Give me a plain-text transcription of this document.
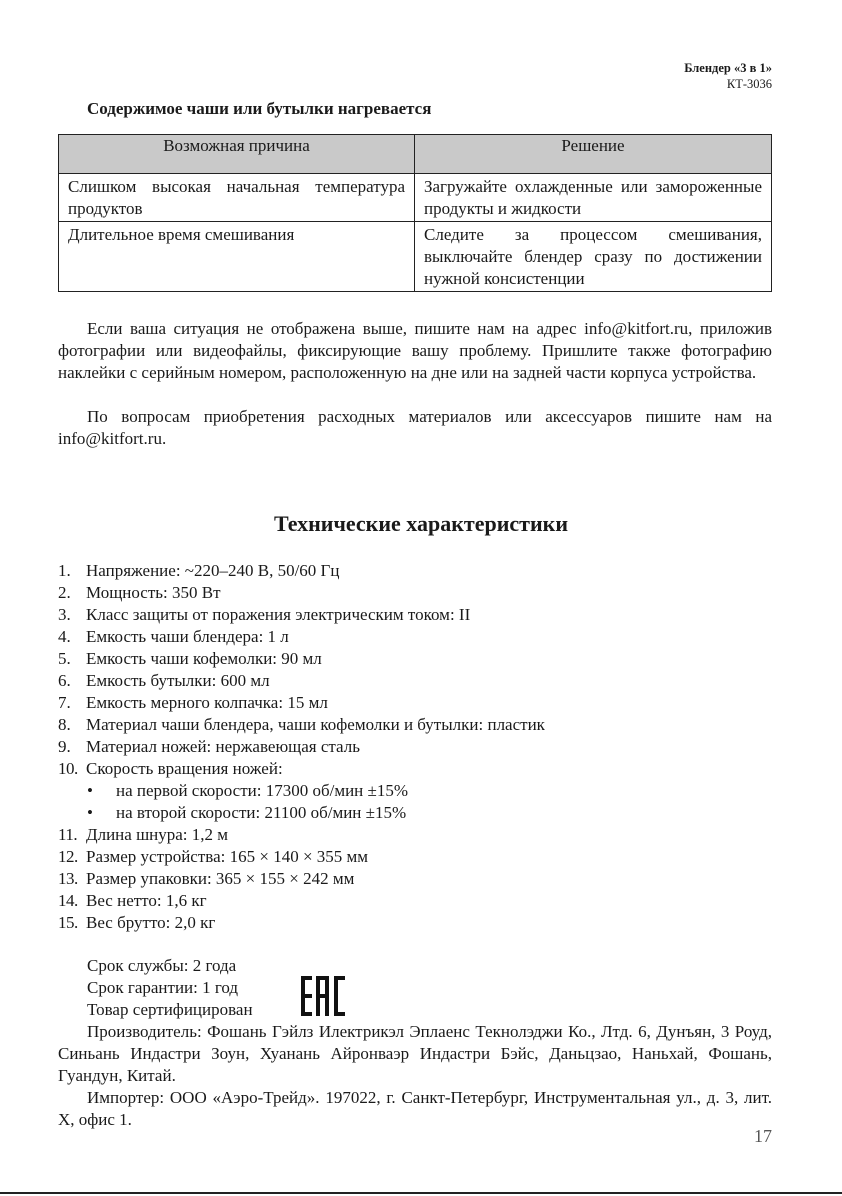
Блендер «3 в 1»
КТ-3036
Содержимое чаши или бутылки нагревается
Возможная причина	Решение
Слишком высокая начальная температура продуктов	Загружайте охлажденные или замороженные продукты и жидкости
Длительное время смешивания	Следите за процессом смешивания, выключайте блендер сразу по достижении нужной консистенции

Если ваша ситуация не отображена выше, пишите нам на адрес info@kitfort.ru, приложив фотографии или видеофайлы, фиксирующие вашу проблему. Пришлите также фотографию наклейки с серийным номером, расположенную на дне или на задней части корпуса устройства.

По вопросам приобретения расходных материалов или аксессуаров пишите нам на info@kitfort.ru.

Технические характеристики
1. Напряжение: ~220–240 В, 50/60 Гц
2. Мощность: 350 Вт
3. Класс защиты от поражения электрическим током: II
4. Емкость чаши блендера: 1 л
5. Емкость чаши кофемолки: 90 мл
6. Емкость бутылки: 600 мл
7. Емкость мерного колпачка: 15 мл
8. Материал чаши блендера, чаши кофемолки и бутылки: пластик
9. Материал ножей: нержавеющая сталь
10. Скорость вращения ножей:
•	на первой скорости: 17300 об/мин ±15%
•	на второй скорости: 21100 об/мин ±15%
11. Длина шнура: 1,2 м
12. Размер устройства: 165 × 140 × 355 мм
13. Размер упаковки: 365 × 155 × 242 мм
14. Вес нетто: 1,6 кг
15. Вес брутто: 2,0 кг

Срок службы: 2 года

Срок гарантии: 1 год

Товар сертифицирован

Производитель: Фошань Гэйлз Илектрикэл Эплаенс Текнолэджи Ко., Лтд. 6, Дунъян, 3 Роуд, Синьань Индастри Зоун, Хуанань Айронваэр Индастри Бэйс, Даньцзао, Наньхай, Фошань, Гуандун, Китай.

Импортер: ООО «Аэро-Трейд». 197022, г. Санкт-Петербург, Инструментальная ул., д. 3, лит. Х, офис 1.

17
